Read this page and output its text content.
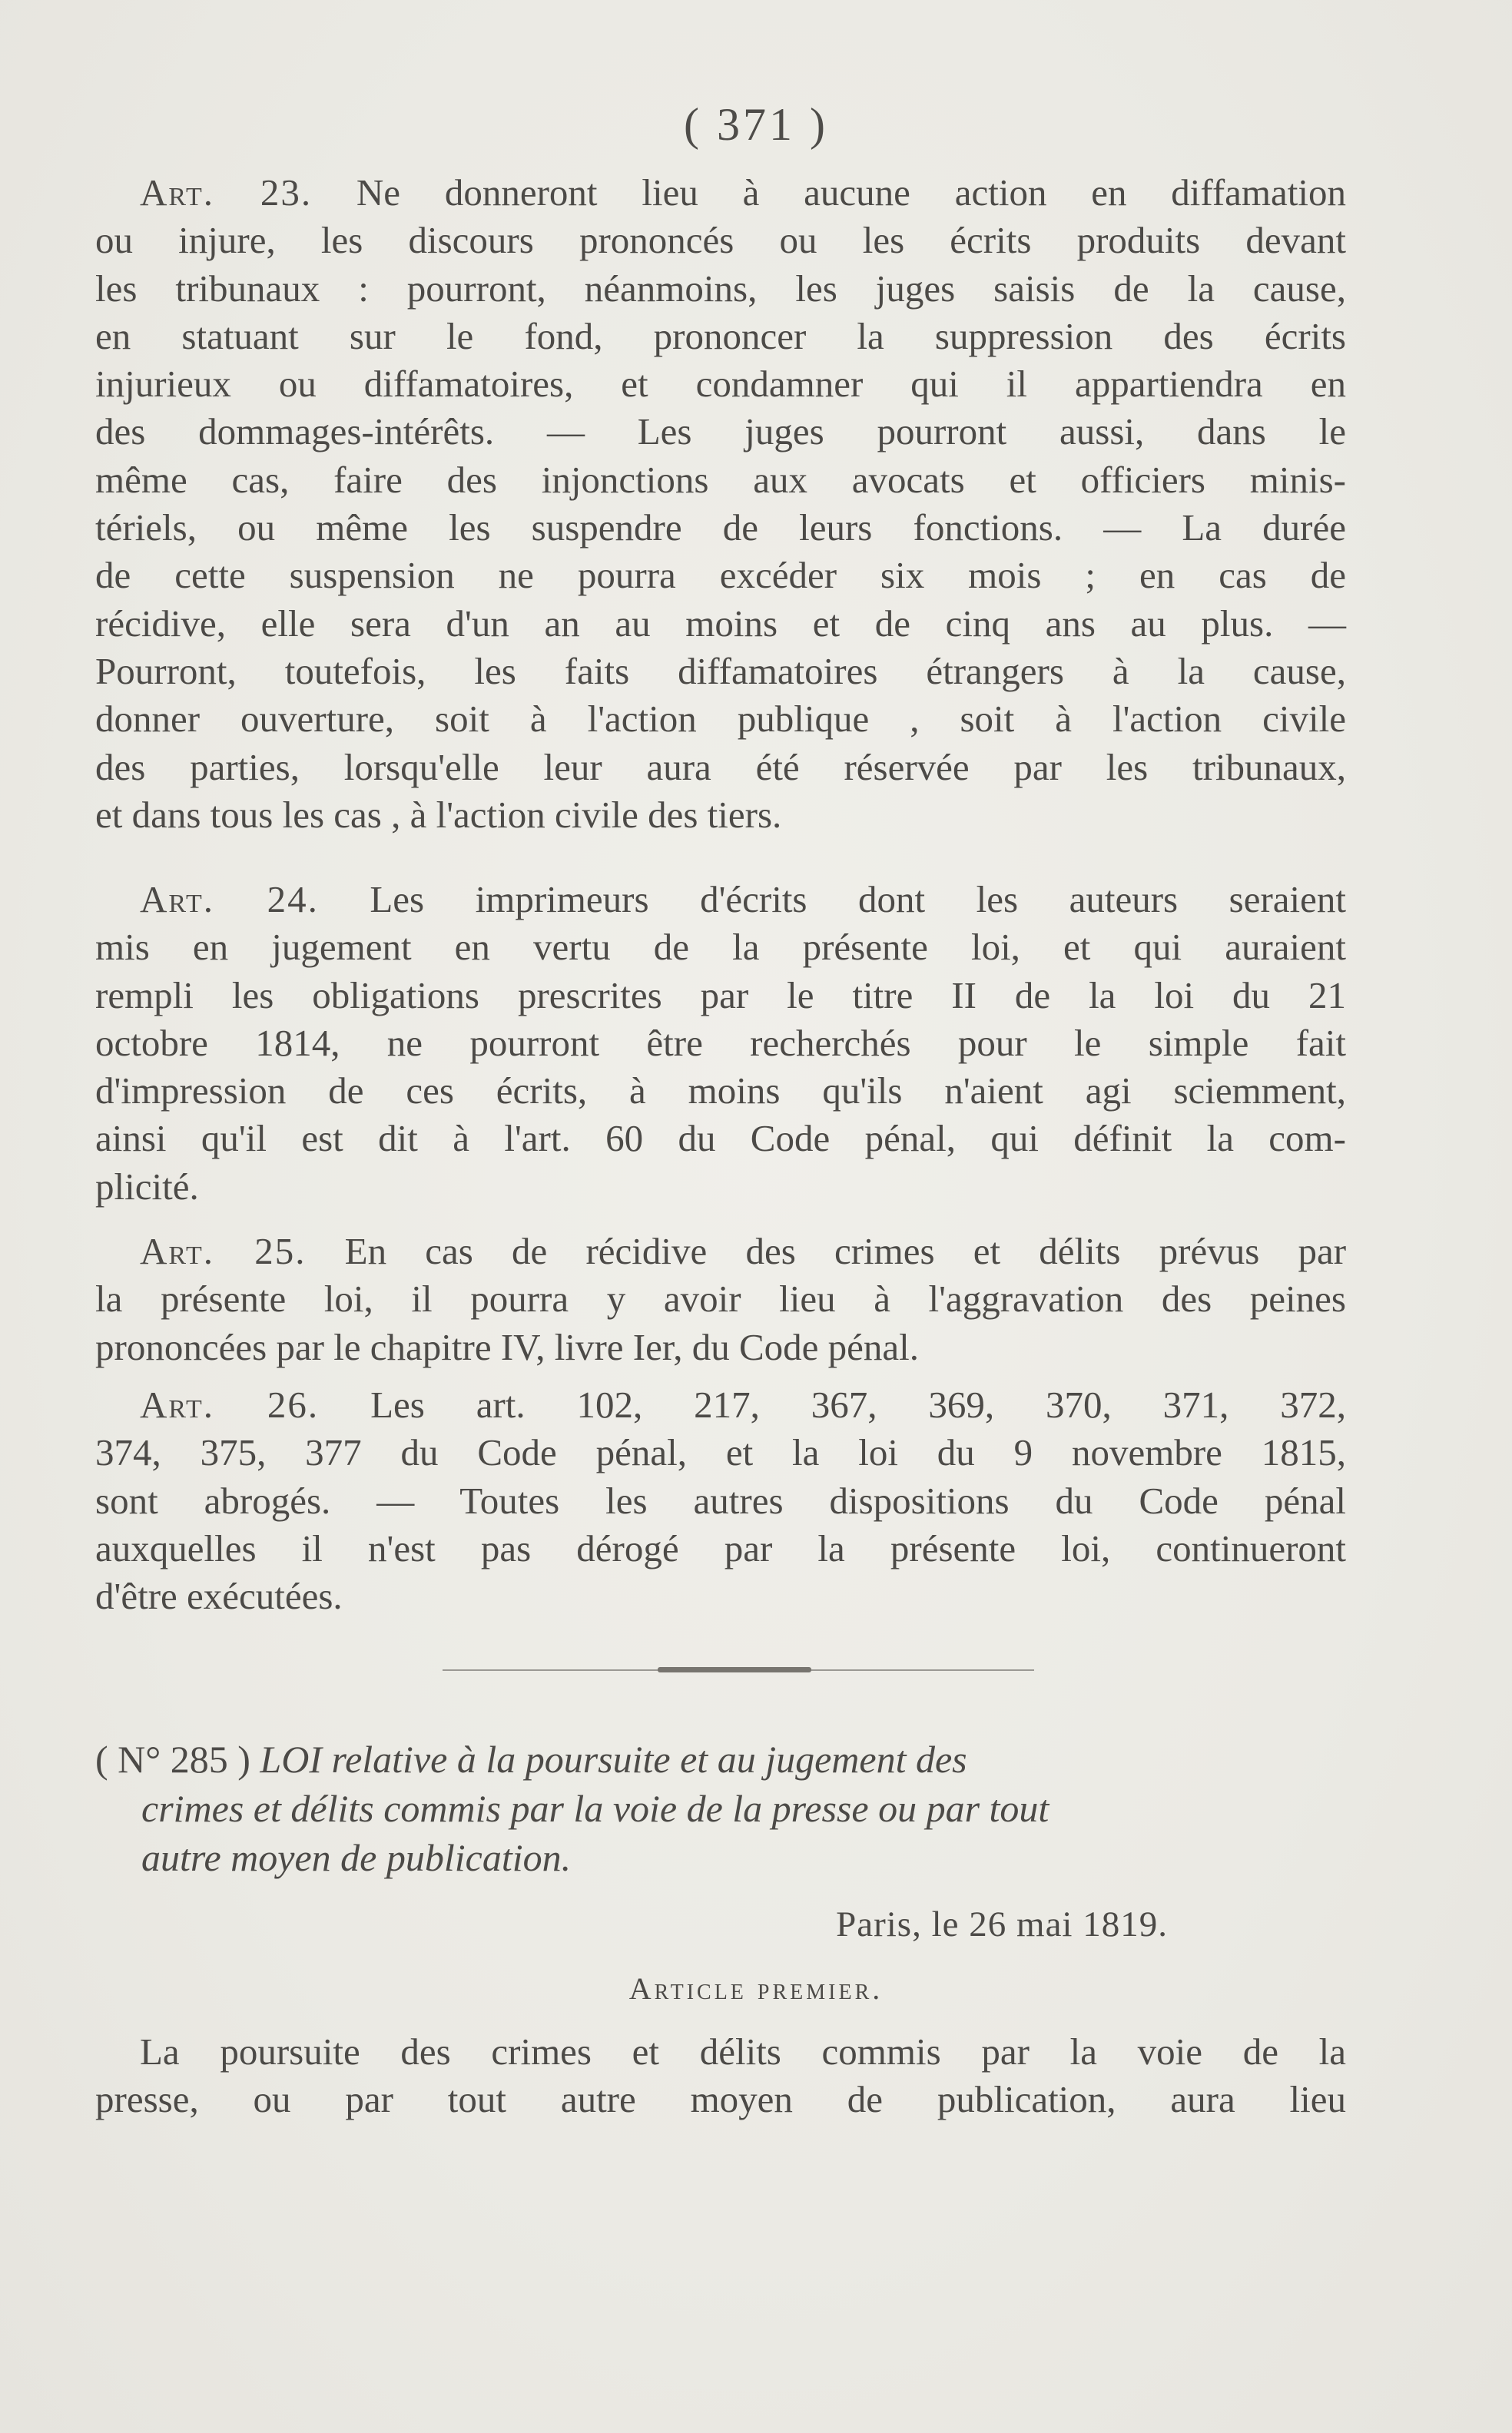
( 371 )
Art. 23. Ne donneront lieu à aucune action en diffamation
ou injure, les discours prononcés ou les écrits produits devant
les tribunaux : pourront, néanmoins, les juges saisis de la cause,
en statuant sur le fond, prononcer la suppression des écrits
injurieux ou diffamatoires, et condamner qui il appartiendra en
des dommages-intérêts. — Les juges pourront aussi, dans le
même cas, faire des injonctions aux avocats et officiers minis-
tériels, ou même les suspendre de leurs fonctions. — La durée
de cette suspension ne pourra excéder six mois ; en cas de
récidive, elle sera d'un an au moins et de cinq ans au plus. —
Pourront, toutefois, les faits diffamatoires étrangers à la cause,
donner ouverture, soit à l'action publique , soit à l'action civile
des parties, lorsqu'elle leur aura été réservée par les tribunaux,
et dans tous les cas , à l'action civile des tiers.
Art. 24. Les imprimeurs d'écrits dont les auteurs seraient
mis en jugement en vertu de la présente loi, et qui auraient
rempli les obligations prescrites par le titre II de la loi du 21
octobre 1814, ne pourront être recherchés pour le simple fait
d'impression de ces écrits, à moins qu'ils n'aient agi sciemment,
ainsi qu'il est dit à l'art. 60 du Code pénal, qui définit la com-
plicité.
Art. 25. En cas de récidive des crimes et délits prévus par
la présente loi, il pourra y avoir lieu à l'aggravation des peines
prononcées par le chapitre IV, livre Ier, du Code pénal.
Art. 26. Les art. 102, 217, 367, 369, 370, 371, 372,
374, 375, 377 du Code pénal, et la loi du 9 novembre 1815,
sont abrogés. — Toutes les autres dispositions du Code pénal
auxquelles il n'est pas dérogé par la présente loi, continueront
d'être exécutées.
( N° 285 ) LOI relative à la poursuite et au jugement des
crimes et délits commis par la voie de la presse ou par tout
autre moyen de publication.
Paris, le 26 mai 1819.
Article premier.
La poursuite des crimes et délits commis par la voie de la
presse, ou par tout autre moyen de publication, aura lieu
